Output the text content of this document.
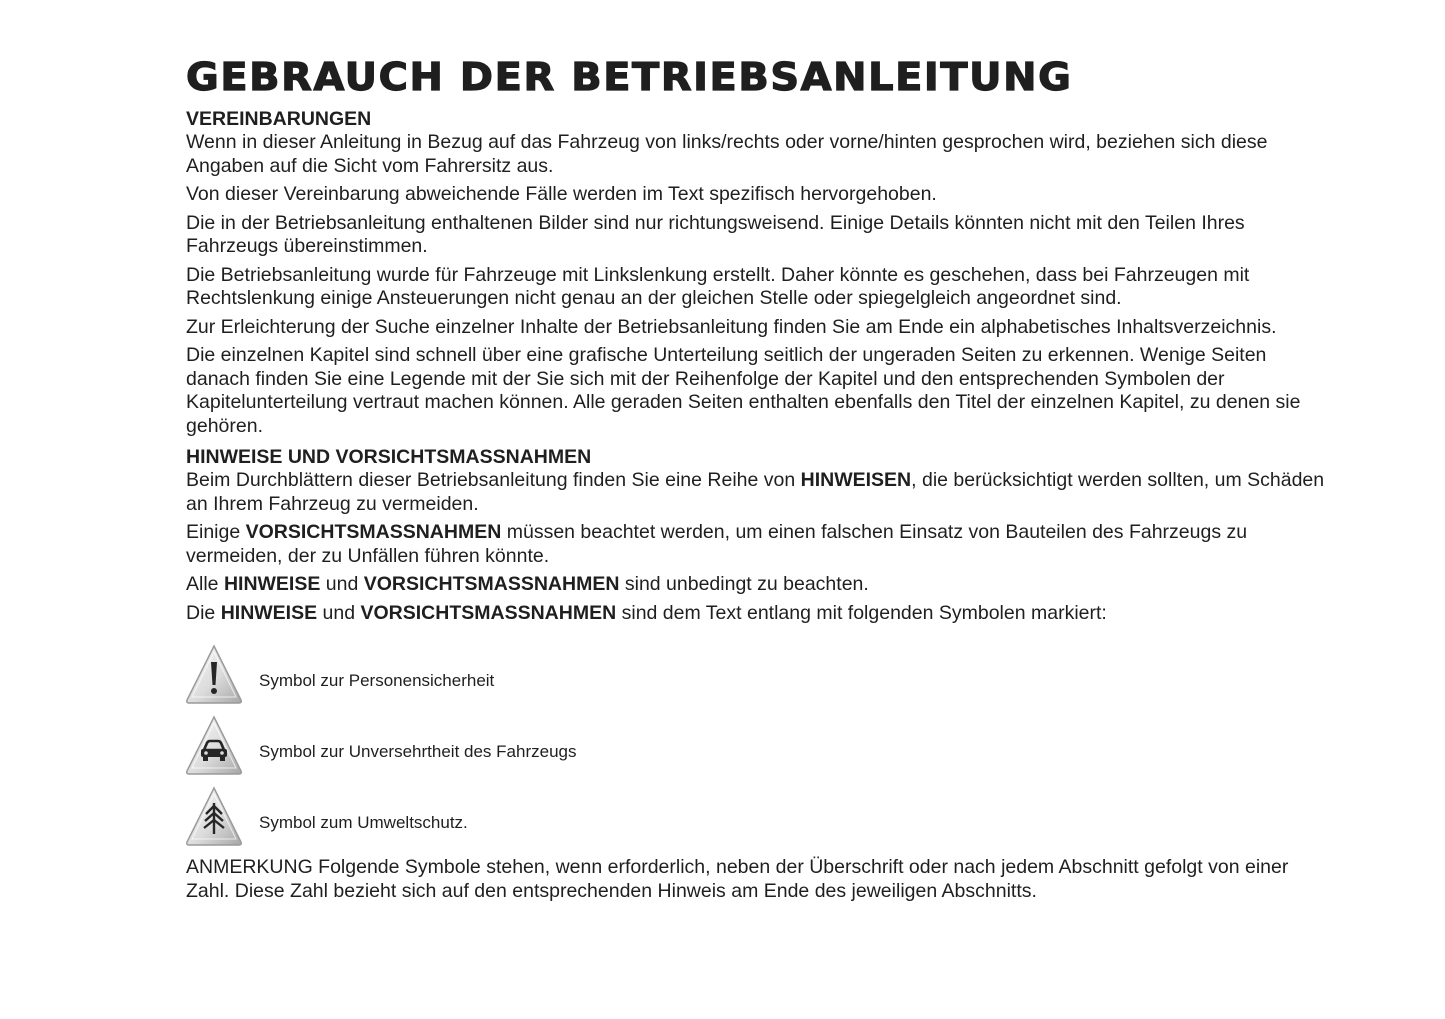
GEBRAUCH DER BETRIEBSANLEITUNG
VEREINBARUNGEN

Wenn in dieser Anleitung in Bezug auf das Fahrzeug von links/rechts oder vorne/hinten gesprochen wird, beziehen sich diese Angaben auf die Sicht vom Fahrersitz aus.

Von dieser Vereinbarung abweichende Fälle werden im Text spezifisch hervorgehoben.

Die in der Betriebsanleitung enthaltenen Bilder sind nur richtungsweisend. Einige Details könnten nicht mit den Teilen Ihres Fahrzeugs übereinstimmen.

Die Betriebsanleitung wurde für Fahrzeuge mit Linkslenkung erstellt. Daher könnte es geschehen, dass bei Fahrzeugen mit Rechtslenkung einige Ansteuerungen nicht genau an der gleichen Stelle oder spiegelgleich angeordnet sind.

Zur Erleichterung der Suche einzelner Inhalte der Betriebsanleitung finden Sie am Ende ein alphabetisches Inhaltsverzeichnis.

Die einzelnen Kapitel sind schnell über eine grafische Unterteilung seitlich der ungeraden Seiten zu erkennen. Wenige Seiten danach finden Sie eine Legende mit der Sie sich mit der Reihenfolge der Kapitel und den entsprechenden Symbolen der Kapitelunterteilung vertraut machen können. Alle geraden Seiten enthalten ebenfalls den Titel der einzelnen Kapitel, zu denen sie gehören.

HINWEISE UND VORSICHTSMASSNAHMEN

Beim Durchblättern dieser Betriebsanleitung finden Sie eine Reihe von HINWEISEN, die berücksichtigt werden sollten, um Schäden an Ihrem Fahrzeug zu vermeiden.

Einige VORSICHTSMASSNAHMEN müssen beachtet werden, um einen falschen Einsatz von Bauteilen des Fahrzeugs zu vermeiden, der zu Unfällen führen könnte.

Alle HINWEISE und VORSICHTSMASSNAHMEN sind unbedingt zu beachten.

Die HINWEISE und VORSICHTSMASSNAHMEN sind dem Text entlang mit folgenden Symbolen markiert:

Symbol zur Personensicherheit
Symbol zur Unversehrtheit des Fahrzeugs
Symbol zum Umweltschutz.

ANMERKUNG Folgende Symbole stehen, wenn erforderlich, neben der Überschrift oder nach jedem Abschnitt gefolgt von einer Zahl. Diese Zahl bezieht sich auf den entsprechenden Hinweis am Ende des jeweiligen Abschnitts.
